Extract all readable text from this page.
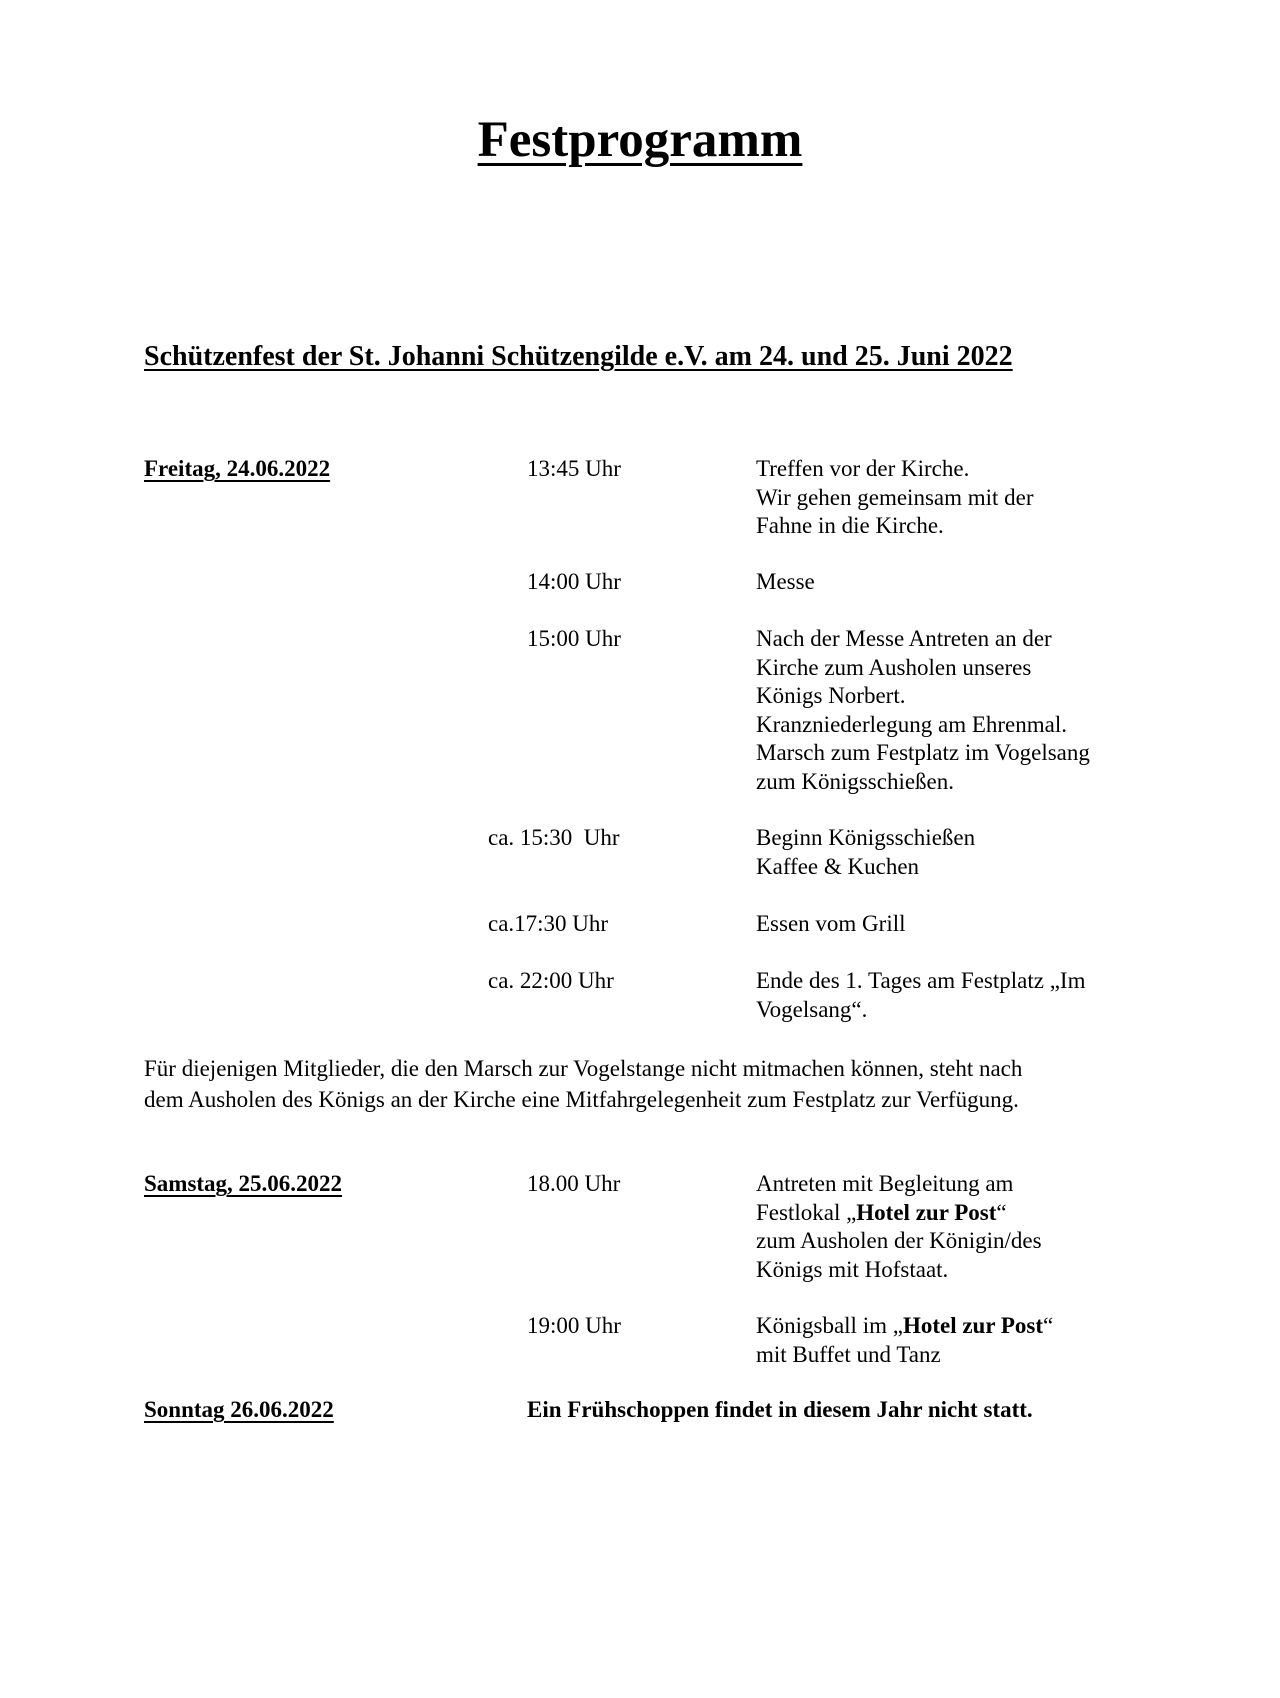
Festprogramm
Schützenfest der St. Johanni Schützengilde e.V. am 24. und 25. Juni 2022
Freitag, 24.06.2022	13:45 Uhr	Treffen vor der Kirche.
Wir gehen gemeinsam mit der
Fahne in die Kirche.
14:00 Uhr	Messe
15:00 Uhr	Nach der Messe Antreten an der
Kirche zum Ausholen unseres
Königs Norbert.
Kranzniederlegung am Ehrenmal.
Marsch zum Festplatz im Vogelsang
zum Königsschießen.
ca. 15:30  Uhr	Beginn Königsschießen
Kaffee & Kuchen
ca.17:30 Uhr	Essen vom Grill
ca. 22:00 Uhr	Ende des 1. Tages am Festplatz „Im
Vogelsang“.
Für diejenigen Mitglieder, die den Marsch zur Vogelstange nicht mitmachen können, steht nach
dem Ausholen des Königs an der Kirche eine Mitfahrgelegenheit zum Festplatz zur Verfügung.
Samstag, 25.06.2022	18.00 Uhr	Antreten mit Begleitung am
Festlokal „Hotel zur Post“
zum Ausholen der Königin/des
Königs mit Hofstaat.
19:00 Uhr	Königsball im „Hotel zur Post“
mit Buffet und Tanz
Sonntag 26.06.2022	Ein Frühschoppen findet in diesem Jahr nicht statt.
